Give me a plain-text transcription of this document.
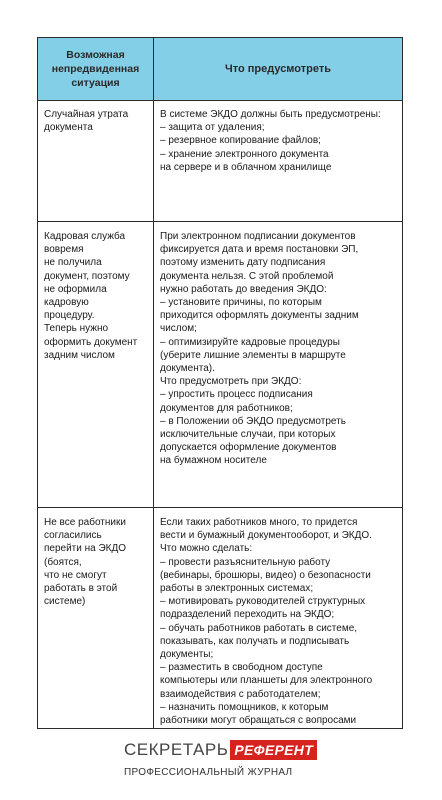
Возможная
непредвиденная
ситуация
Что предусмотреть
Случайная утрата
документа
В системе ЭКДО должны быть предусмотрены:
– защита от удаления;
– резервное копирование файлов;
– хранение электронного документа
на сервере и в облачном хранилище
Кадровая служба
вовремя
не получила
документ, поэтому
не оформила
кадровую
процедуру.
Теперь нужно
оформить документ
задним числом
При электронном подписании документов
фиксируется дата и время постановки ЭП,
поэтому изменить дату подписания
документа нельзя. С этой проблемой
нужно работать до введения ЭКДО:
– установите причины, по которым
приходится оформлять документы задним
числом;
– оптимизируйте кадровые процедуры
(уберите лишние элементы в маршруте
документа).
Что предусмотреть при ЭКДО:
– упростить процесс подписания
документов для работников;
– в Положении об ЭКДО предусмотреть
исключительные случаи, при которых
допускается оформление документов
на бумажном носителе
Не все работники
согласились
перейти на ЭКДО
(боятся,
что не смогут
работать в этой
системе)
Если таких работников много, то придется
вести и бумажный документооборот, и ЭКДО.
Что можно сделать:
– провести разъяснительную работу
(вебинары, брошюры, видео) о безопасности
работы в электронных системах;
– мотивировать руководителей структурных
подразделений переходить на ЭКДО;
– обучать работников работать в системе,
показывать, как получать и подписывать
документы;
– разместить в свободном доступе
компьютеры или планшеты для электронного
взаимодействия с работодателем;
– назначить помощников, к которым
работники могут обращаться с вопросами
СЕКРЕТАРЬ РЕФЕРЕНТ
ПРОФЕССИОНАЛЬНЫЙ ЖУРНАЛ
